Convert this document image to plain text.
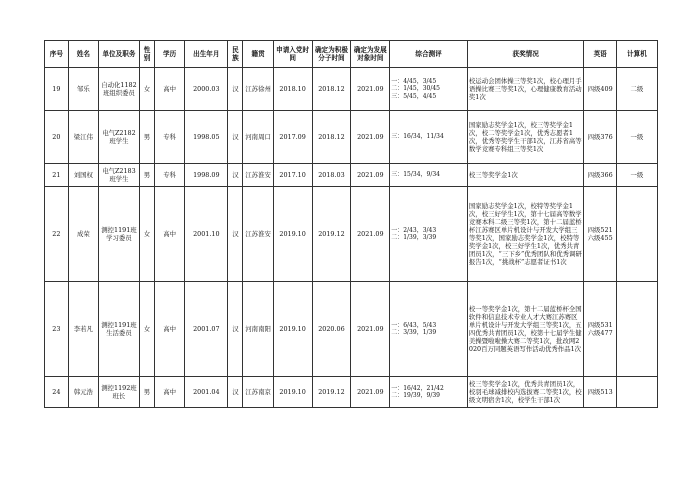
序号	姓名	单位及职务	性别	学历	出生年月	民族	籍贯	申请入党时间	确定为积极分子时间	确定为发展对象时间	综合测评	获奖情况	英语	计算机
19	邹乐	自动化1182班组织委员	女	高中	2000.03	汉	江苏徐州	2018.10	2018.12	2021.09	一：4/45，3/45
二：1/45，30/45
三：5/45，4/45	校运动会团体操三等奖1次，校心理月手语操比赛三等奖1次，心理健康教育活动奖1次	四级409	二级
20	梁江伟	电气Z2182班学生	男	专科	1998.05	汉	河南周口	2017.09	2018.12	2021.09	三：16/34，11/34	国家励志奖学金1次，校三等奖学金1次，校二等奖学金1次，优秀志愿者1次，优秀等奖学生干部1次，江苏省高等数学竞赛专科组三等奖1次	四级376	一级
21	刘国权	电气Z2183班学生	男	专科	1998.09	汉	江苏淮安	2017.10	2018.03	2021.09	三：15/34，9/34	校三等奖学金1次	四级366	一级
22	成荣	测控1191班学习委员	女	高中	2001.10	汉	江苏淮安	2019.10	2019.12	2021.09	一：2/43，3/43
二：1/39，3/39	国家励志奖学金1次，校特等奖学金1次，校三好学生1次，第十七届高等数学竞赛本科二级三等奖1次，第十二届蓝桥杯江苏赛区单片机设计与开发大学组三等奖1次，国家励志奖学金1次，校特等奖学金1次，校三好学生1次，优秀共青团员1次，“三下乡”优秀团队和优秀调研报告1次，“挑战杯”志愿者证书1次	四级521
六级455	
23	李若凡	测控1191班生活委员	女	高中	2001.07	汉	河南南阳	2019.10	2020.06	2021.09	一：6/43，5/43
二：3/39，1/39	校一等奖学金1次，第十二届蓝桥杯全国软件和信息技术专业人才大赛江苏赛区单片机设计与开发大学组三等奖1次，五四优秀共青团员1次，校第十七届学生健美操暨啦啦操大赛二等奖1次，批改网2020百万同题英语写作活动优秀作品1次	四级531
六级477	
24	韩元浩	测控1192班班长	男	高中	2001.04	汉	江苏南京	2019.10	2019.12	2021.09	一：16/42，21/42
二：19/39，9/39	校三等奖学金1次，优秀共青团员1次，校羽毛球减排校内选拔赛二等奖1次，校级文明宿舍1次，校学生干部1次	四级513	
